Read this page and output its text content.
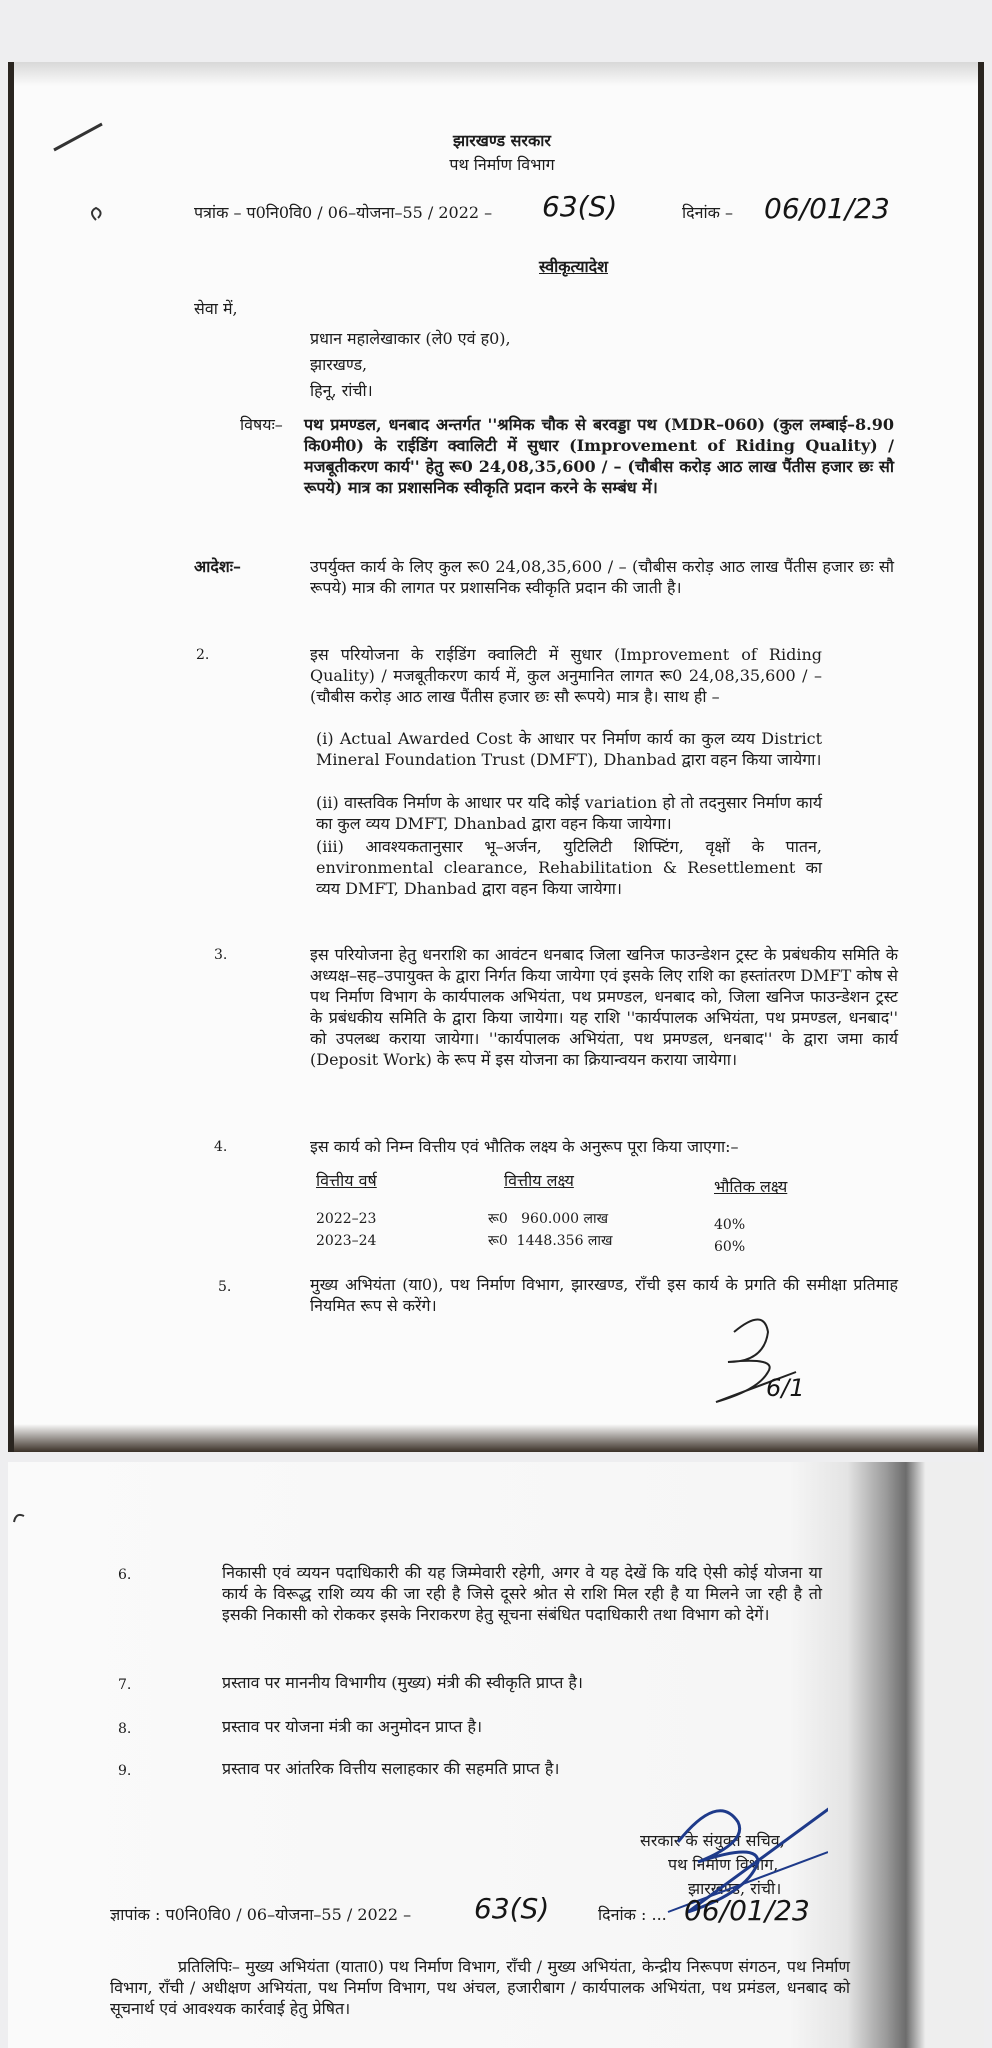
झारखण्ड सरकार
पथ निर्माण विभाग
पत्रांक – प0नि0वि0 / 06–योजना–55 / 2022 – 63(S)	दिनांक – 06/01/23
स्वीकृत्यादेश
सेवा में,
प्रधान महालेखाकार (ले0 एवं ह0),
झारखण्ड,
हिनू, रांची।
विषयः– पथ प्रमण्डल, धनबाद अन्तर्गत ''श्रमिक चौक से बरवड्डा पथ (MDR–060) (कुल लम्बाई–8.90 कि0मी0) के राईडिंग क्वालिटी में सुधार (Improvement of Riding Quality) / मजबूतीकरण कार्य'' हेतु रू0 24,08,35,600 / – (चौबीस करोड़ आठ लाख पैंतीस हजार छः सौ रूपये) मात्र का प्रशासनिक स्वीकृति प्रदान करने के सम्बंध में।
आदेशः–	उपर्युक्त कार्य के लिए कुल रू0 24,08,35,600 / – (चौबीस करोड़ आठ लाख पैंतीस हजार छः सौ रूपये) मात्र की लागत पर प्रशासनिक स्वीकृति प्रदान की जाती है।
2.	इस परियोजना के राईडिंग क्वालिटी में सुधार (Improvement of Riding Quality) / मजबूतीकरण कार्य में, कुल अनुमानित लागत रू0 24,08,35,600 / – (चौबीस करोड़ आठ लाख पैंतीस हजार छः सौ रूपये) मात्र है। साथ ही –
(i) Actual Awarded Cost के आधार पर निर्माण कार्य का कुल व्यय District Mineral Foundation Trust (DMFT), Dhanbad द्वारा वहन किया जायेगा।
(ii) वास्तविक निर्माण के आधार पर यदि कोई variation हो तो तदनुसार निर्माण कार्य का कुल व्यय DMFT, Dhanbad द्वारा वहन किया जायेगा।
(iii) आवश्यकतानुसार भू–अर्जन, युटिलिटी शिफ्टिंग, वृक्षों के पातन, environmental clearance, Rehabilitation & Resettlement का व्यय DMFT, Dhanbad द्वारा वहन किया जायेगा।
3.	इस परियोजना हेतु धनराशि का आवंटन धनबाद जिला खनिज फाउन्डेशन ट्रस्ट के प्रबंधकीय समिति के अध्यक्ष–सह–उपायुक्त के द्वारा निर्गत किया जायेगा एवं इसके लिए राशि का हस्तांतरण DMFT कोष से पथ निर्माण विभाग के कार्यपालक अभियंता, पथ प्रमण्डल, धनबाद को, जिला खनिज फाउन्डेशन ट्रस्ट के प्रबंधकीय समिति के द्वारा किया जायेगा। यह राशि ''कार्यपालक अभियंता, पथ प्रमण्डल, धनबाद'' को उपलब्ध कराया जायेगा। ''कार्यपालक अभियंता, पथ प्रमण्डल, धनबाद'' के द्वारा जमा कार्य (Deposit Work) के रूप में इस योजना का क्रियान्वयन कराया जायेगा।
4.	इस कार्य को निम्न वित्तीय एवं भौतिक लक्ष्य के अनुरूप पूरा किया जाएगा:–
वित्तीय वर्ष	वित्तीय लक्ष्य	भौतिक लक्ष्य
2022–23	रू0   960.000 लाख	40%
2023–24	रू0  1448.356 लाख	60%
5.	मुख्य अभियंता (या0), पथ निर्माण विभाग, झारखण्ड, राँची इस कार्य के प्रगति की समीक्षा प्रतिमाह नियमित रूप से करेंगे।
6/1
6.	निकासी एवं व्ययन पदाधिकारी की यह जिम्मेवारी रहेगी, अगर वे यह देखें कि यदि ऐसी कोई योजना या कार्य के विरूद्ध राशि व्यय की जा रही है जिसे दूसरे श्रोत से राशि मिल रही है या मिलने जा रही है तो इसकी निकासी को रोककर इसके निराकरण हेतु सूचना संबंधित पदाधिकारी तथा विभाग को देगें।
7.	प्रस्ताव पर माननीय विभागीय (मुख्य) मंत्री की स्वीकृति प्राप्त है।
8.	प्रस्ताव पर योजना मंत्री का अनुमोदन प्राप्त है।
9.	प्रस्ताव पर आंतरिक वित्तीय सलाहकार की सहमति प्राप्त है।
सरकार के संयुक्त सचिव,
पथ निर्माण विभाग,
झारखण्ड, रांची।
ज्ञापांक : प0नि0वि0 / 06–योजना–55 / 2022 – 63(S)	दिनांक : ... 06/01/23
प्रतिलिपिः– मुख्य अभियंता (याता0) पथ निर्माण विभाग, राँची / मुख्य अभियंता, केन्द्रीय निरूपण संगठन, पथ निर्माण विभाग, राँची / अधीक्षण अभियंता, पथ निर्माण विभाग, पथ अंचल, हजारीबाग / कार्यपालक अभियंता, पथ प्रमंडल, धनबाद को सूचनार्थ एवं आवश्यक कार्रवाई हेतु प्रेषित।
